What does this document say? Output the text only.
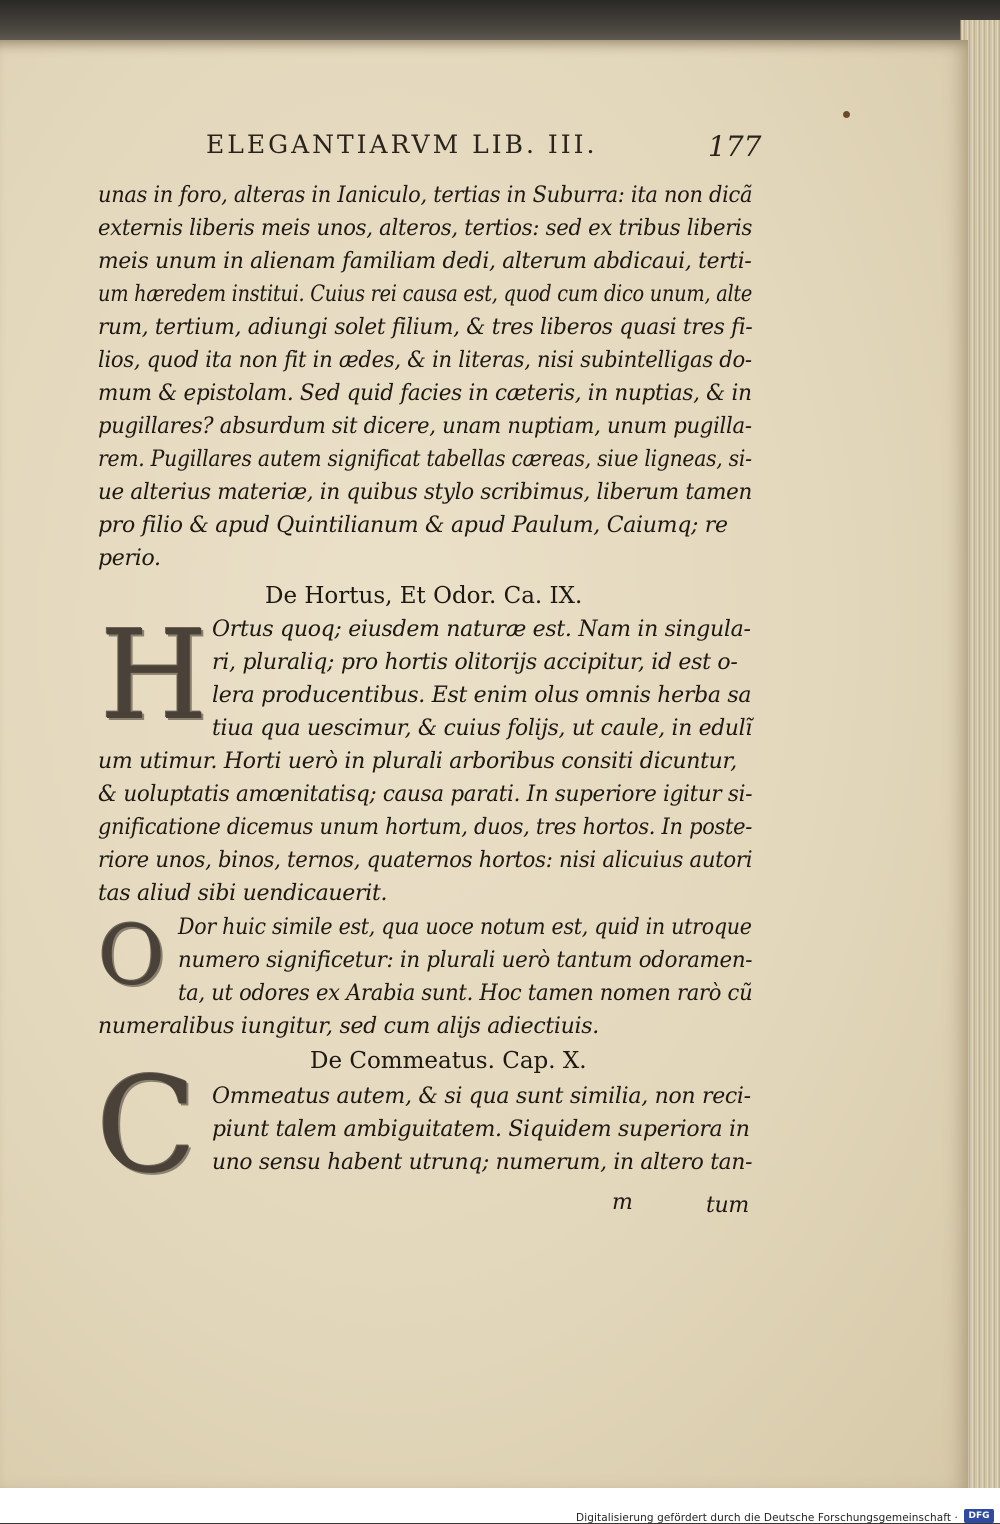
ELEGANTIARVM LIB. III.	177
unas in foro, alteras in Ianiculo, tertias in Suburra: ita non dicã
externis liberis meis unos, alteros, tertios: sed ex tribus liberis
meis unum in alienam familiam dedi, alterum abdicaui, terti-
um hæredem institui. Cuius rei causa est, quod cum dico unum, alte
rum, tertium, adiungi solet filium, & tres liberos quasi tres fi-
lios, quod ita non fit in ædes, & in literas, nisi subintelligas do-
mum & epistolam. Sed quid facies in cæteris, in nuptias, & in
pugillares? absurdum sit dicere, unam nuptiam, unum pugilla-
rem. Pugillares autem significat tabellas cæreas, siue ligneas, si-
ue alterius materiæ, in quibus stylo scribimus, liberum tamen
pro filio & apud Quintilianum & apud Paulum, Caiumq; re
perio.
De Hortus, Et Odor. Ca. IX.
H Ortus quoq; eiusdem naturæ est. Nam in singula-
ri, pluraliq; pro hortis olitorijs accipitur, id est o-
lera producentibus. Est enim olus omnis herba sa
tiua qua uescimur, & cuius folijs, ut caule, in edulĩ
um utimur. Horti uerò in plurali arboribus consiti dicuntur,
& uoluptatis amœnitatisq; causa parati. In superiore igitur si-
gnificatione dicemus unum hortum, duos, tres hortos. In poste-
riore unos, binos, ternos, quaternos hortos: nisi alicuius autori
tas aliud sibi uendicauerit.
O Dor huic simile est, qua uoce notum est, quid in utroque
numero significetur: in plurali uerò tantum odoramen-
ta, ut odores ex Arabia sunt. Hoc tamen nomen rarò cũ
numeralibus iungitur, sed cum alijs adiectiuis.
De Commeatus. Cap. X.
C Ommeatus autem, & si qua sunt similia, non reci-
piunt talem ambiguitatem. Siquidem superiora in
uno sensu habent utrunq; numerum, in altero tan-
m	tum
Digitalisierung gefördert durch die Deutsche Forschungsgemeinschaft ·	DFG
